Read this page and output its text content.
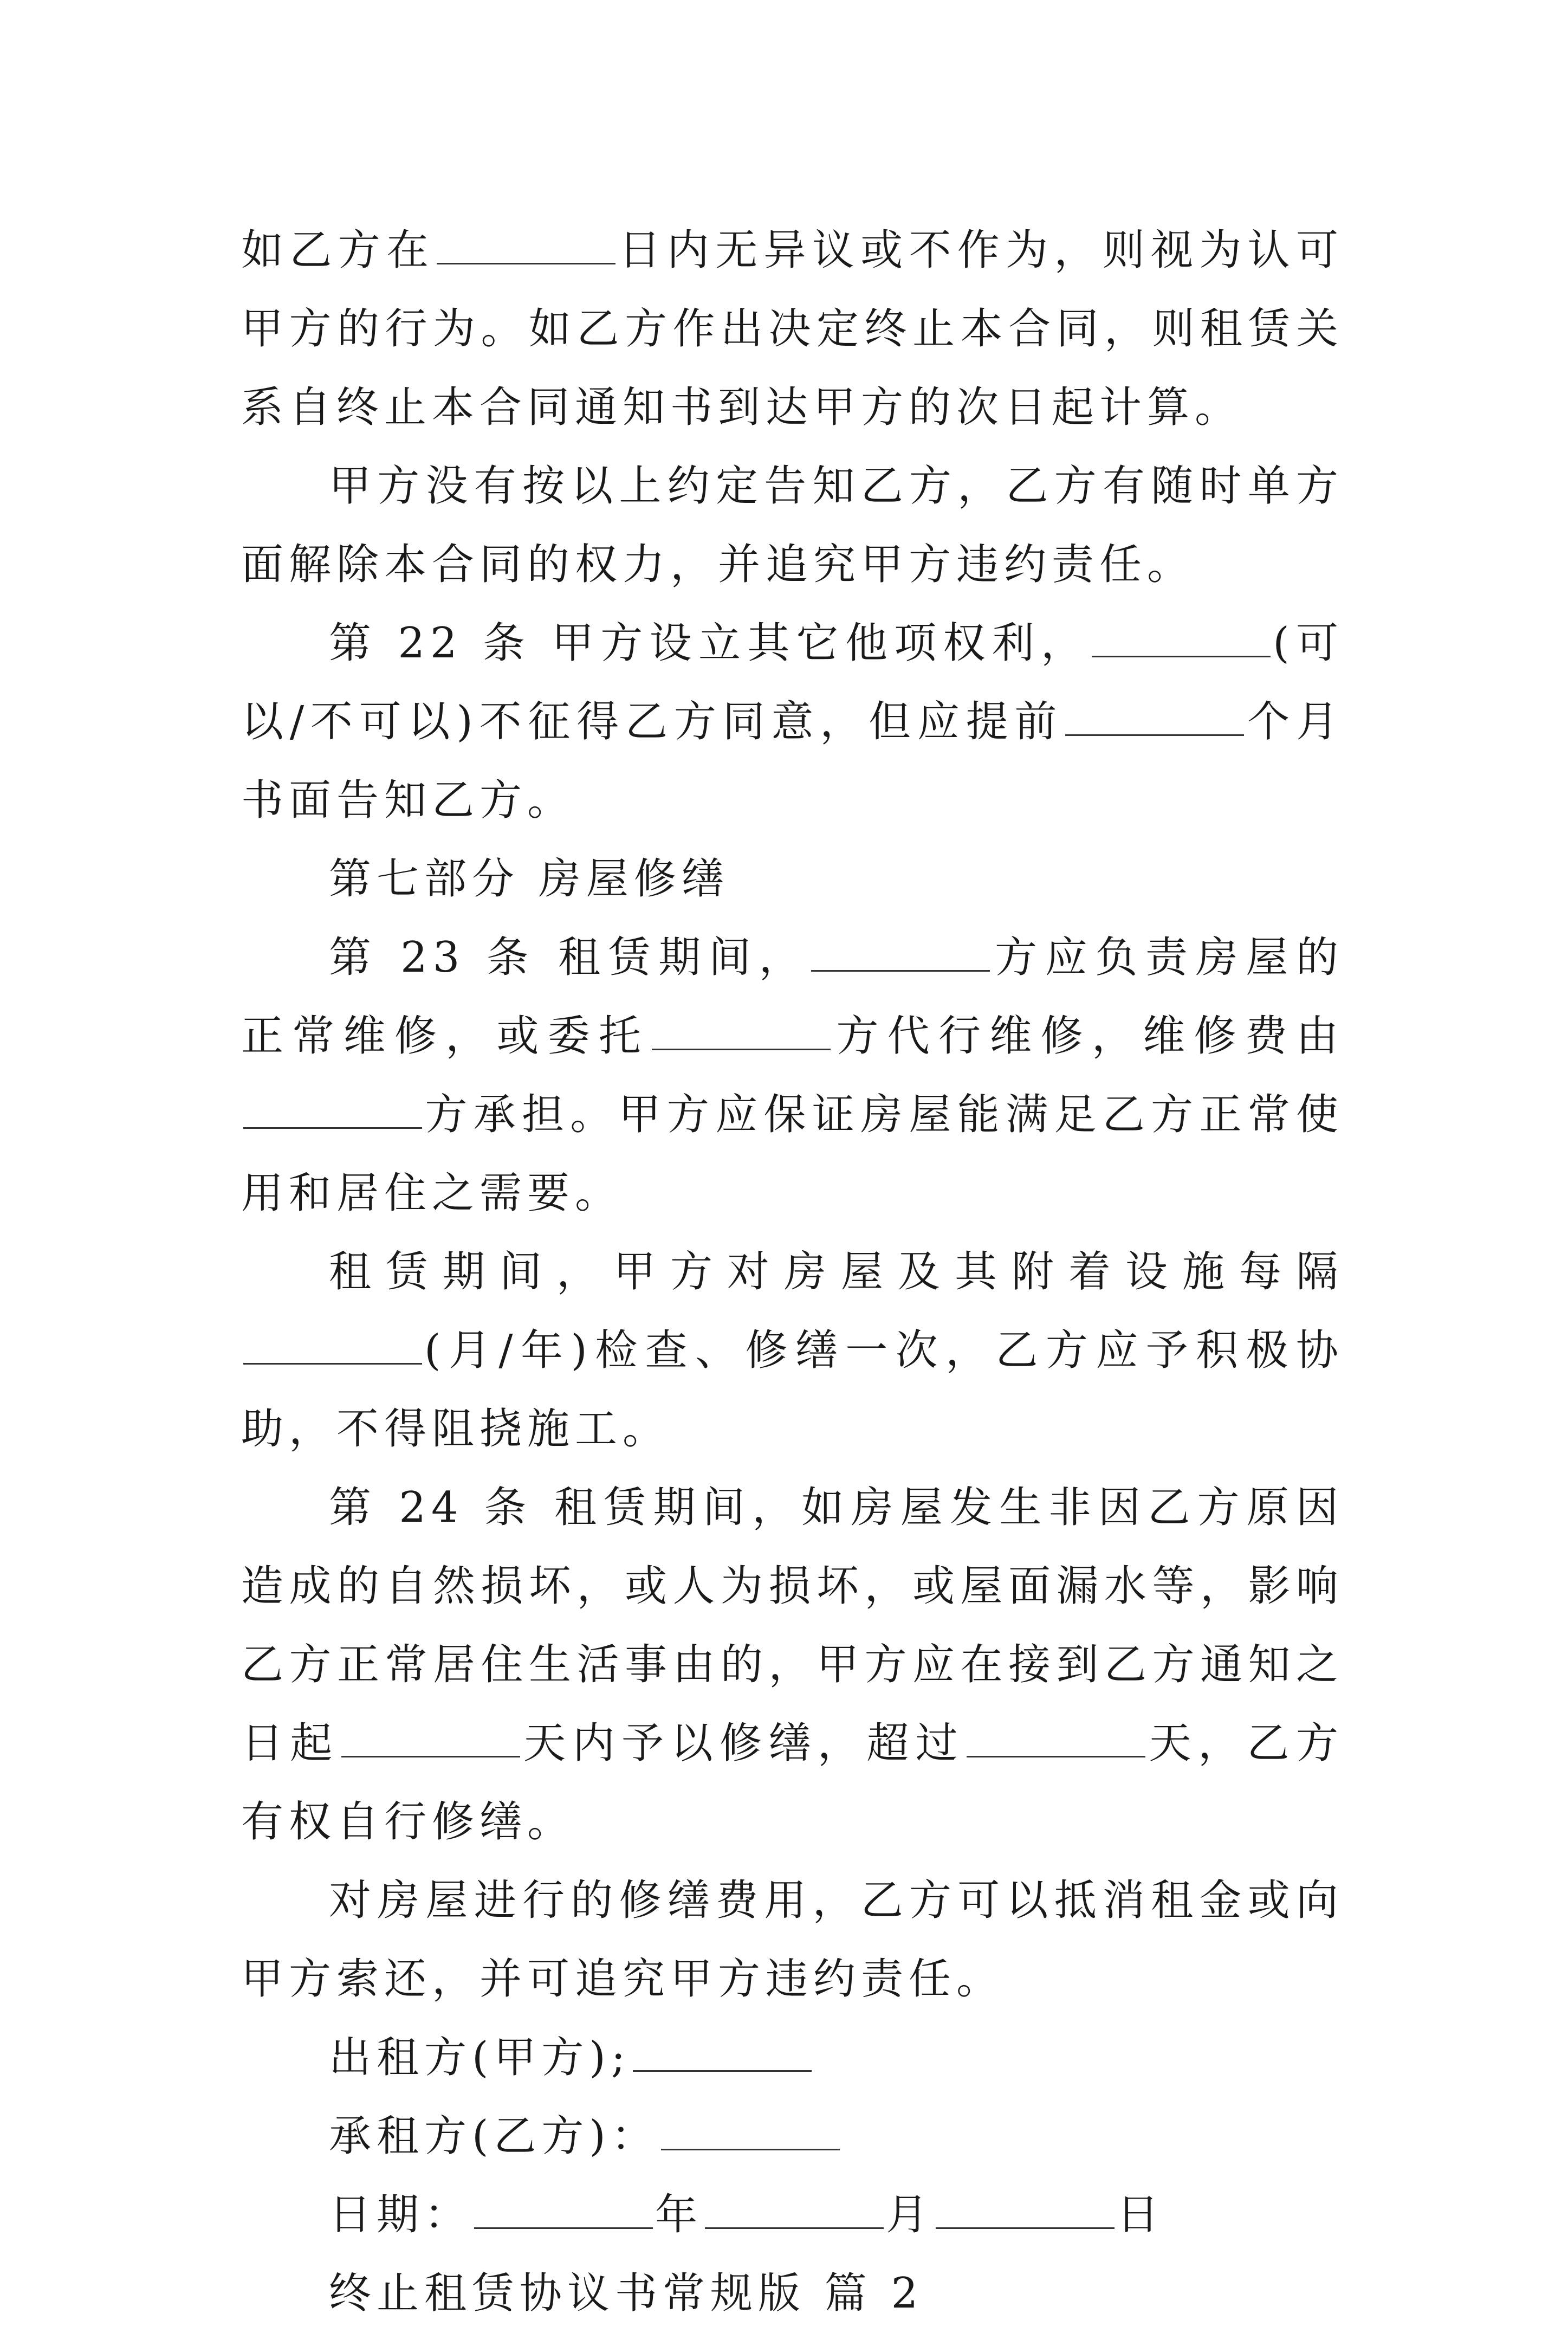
如乙方在	日内无异议或不作为，则视为认可甲方的行为。如乙方作出决定终止本合同，则租赁关系自终止本合同通知书到达甲方的次日起计算。

甲方没有按以上约定告知乙方，乙方有随时单方面解除本合同的权力，并追究甲方违约责任。

第 22 条 甲方设立其它他项权利，	(可以/不可以)不征得乙方同意，但应提前	个月书面告知乙方。

第七部分 房屋修缮

第 23 条 租赁期间，	方应负责房屋的正常维修，或委托	方代行维修，维修费由方承担。甲方应保证房屋能满足乙方正常使用和居住之需要。

租赁期间，甲方对房屋及其附着设施每隔(月/年)检查、修缮一次，乙方应予积极协助，不得阻挠施工。

第 24 条 租赁期间，如房屋发生非因乙方原因造成的自然损坏，或人为损坏，或屋面漏水等，影响乙方正常居住生活事由的，甲方应在接到乙方通知之日起	天内予以修缮，超过	天，乙方有权自行修缮。

对房屋进行的修缮费用，乙方可以抵消租金或向甲方索还，并可追究甲方违约责任。

出租方(甲方);

承租方(乙方)：

日期：	年	月	日

终止租赁协议书常规版 篇 2
